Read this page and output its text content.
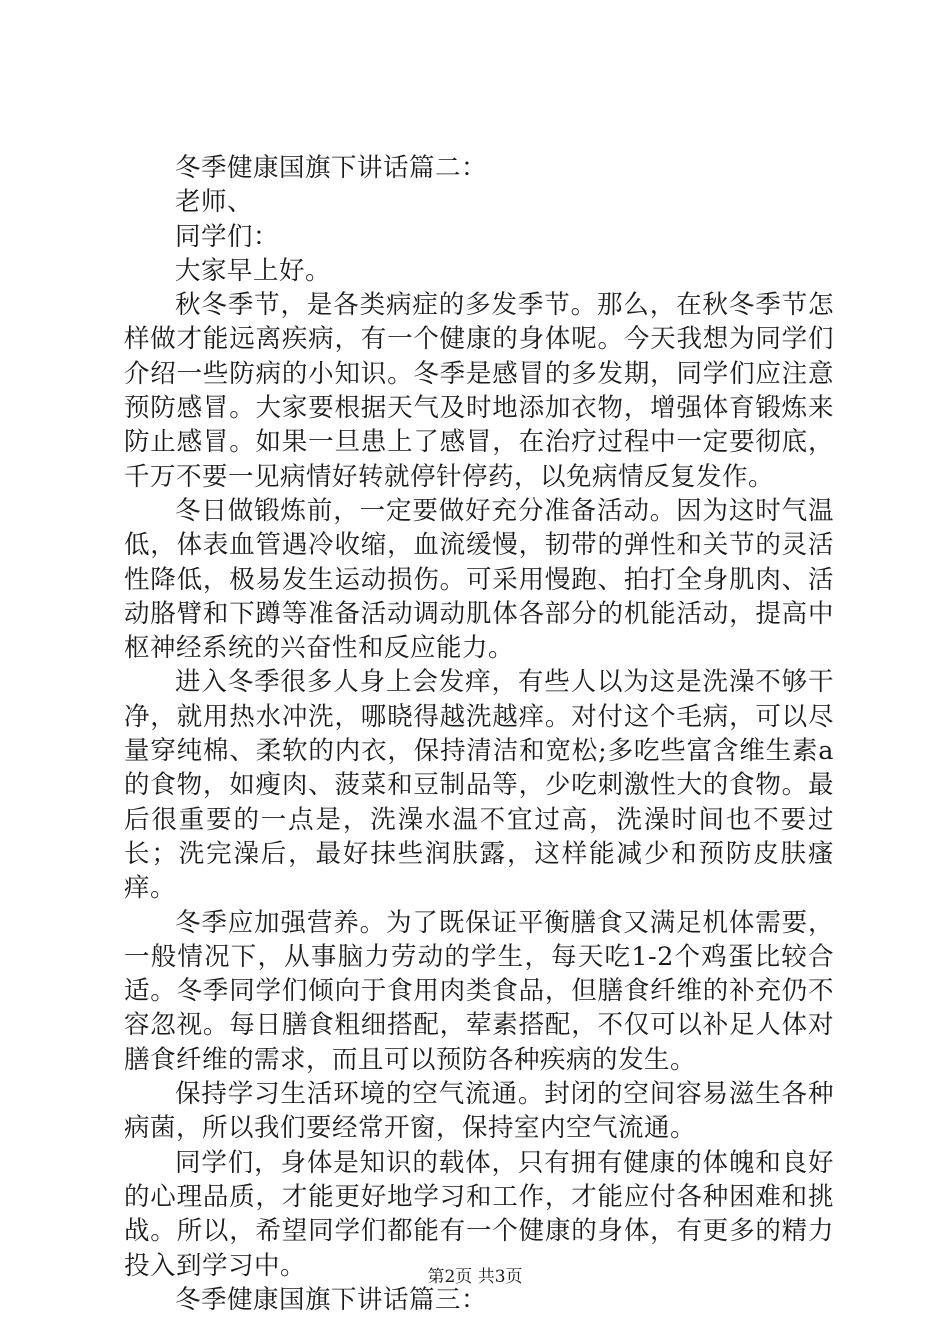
冬季健康国旗下讲话篇二：

老师、

同学们：

大家早上好。

秋冬季节，是各类病症的多发季节。那么，在秋冬季节怎样做才能远离疾病，有一个健康的身体呢。今天我想为同学们介绍一些防病的小知识。冬季是感冒的多发期，同学们应注意预防感冒。大家要根据天气及时地添加衣物，增强体育锻炼来防止感冒。如果一旦患上了感冒，在治疗过程中一定要彻底，千万不要一见病情好转就停针停药，以免病情反复发作。

冬日做锻炼前，一定要做好充分准备活动。因为这时气温低，体表血管遇冷收缩，血流缓慢，韧带的弹性和关节的灵活性降低，极易发生运动损伤。可采用慢跑、拍打全身肌肉、活动胳臂和下蹲等准备活动调动肌体各部分的机能活动，提高中枢神经系统的兴奋性和反应能力。

进入冬季很多人身上会发痒，有些人以为这是洗澡不够干净，就用热水冲洗，哪晓得越洗越痒。对付这个毛病，可以尽量穿纯棉、柔软的内衣，保持清洁和宽松;多吃些富含维生素a的食物，如瘦肉、菠菜和豆制品等，少吃刺激性大的食物。最后很重要的一点是，洗澡水温不宜过高，洗澡时间也不要过长；洗完澡后，最好抹些润肤露，这样能减少和预防皮肤瘙痒。

冬季应加强营养。为了既保证平衡膳食又满足机体需要，一般情况下，从事脑力劳动的学生，每天吃1-2个鸡蛋比较合适。冬季同学们倾向于食用肉类食品，但膳食纤维的补充仍不容忽视。每日膳食粗细搭配，荤素搭配，不仅可以补足人体对膳食纤维的需求，而且可以预防各种疾病的发生。

保持学习生活环境的空气流通。封闭的空间容易滋生各种病菌，所以我们要经常开窗，保持室内空气流通。

同学们，身体是知识的载体，只有拥有健康的体魄和良好的心理品质，才能更好地学习和工作，才能应付各种困难和挑战。所以，希望同学们都能有一个健康的身体，有更多的精力投入到学习中。

冬季健康国旗下讲话篇三：

第2页 共3页
